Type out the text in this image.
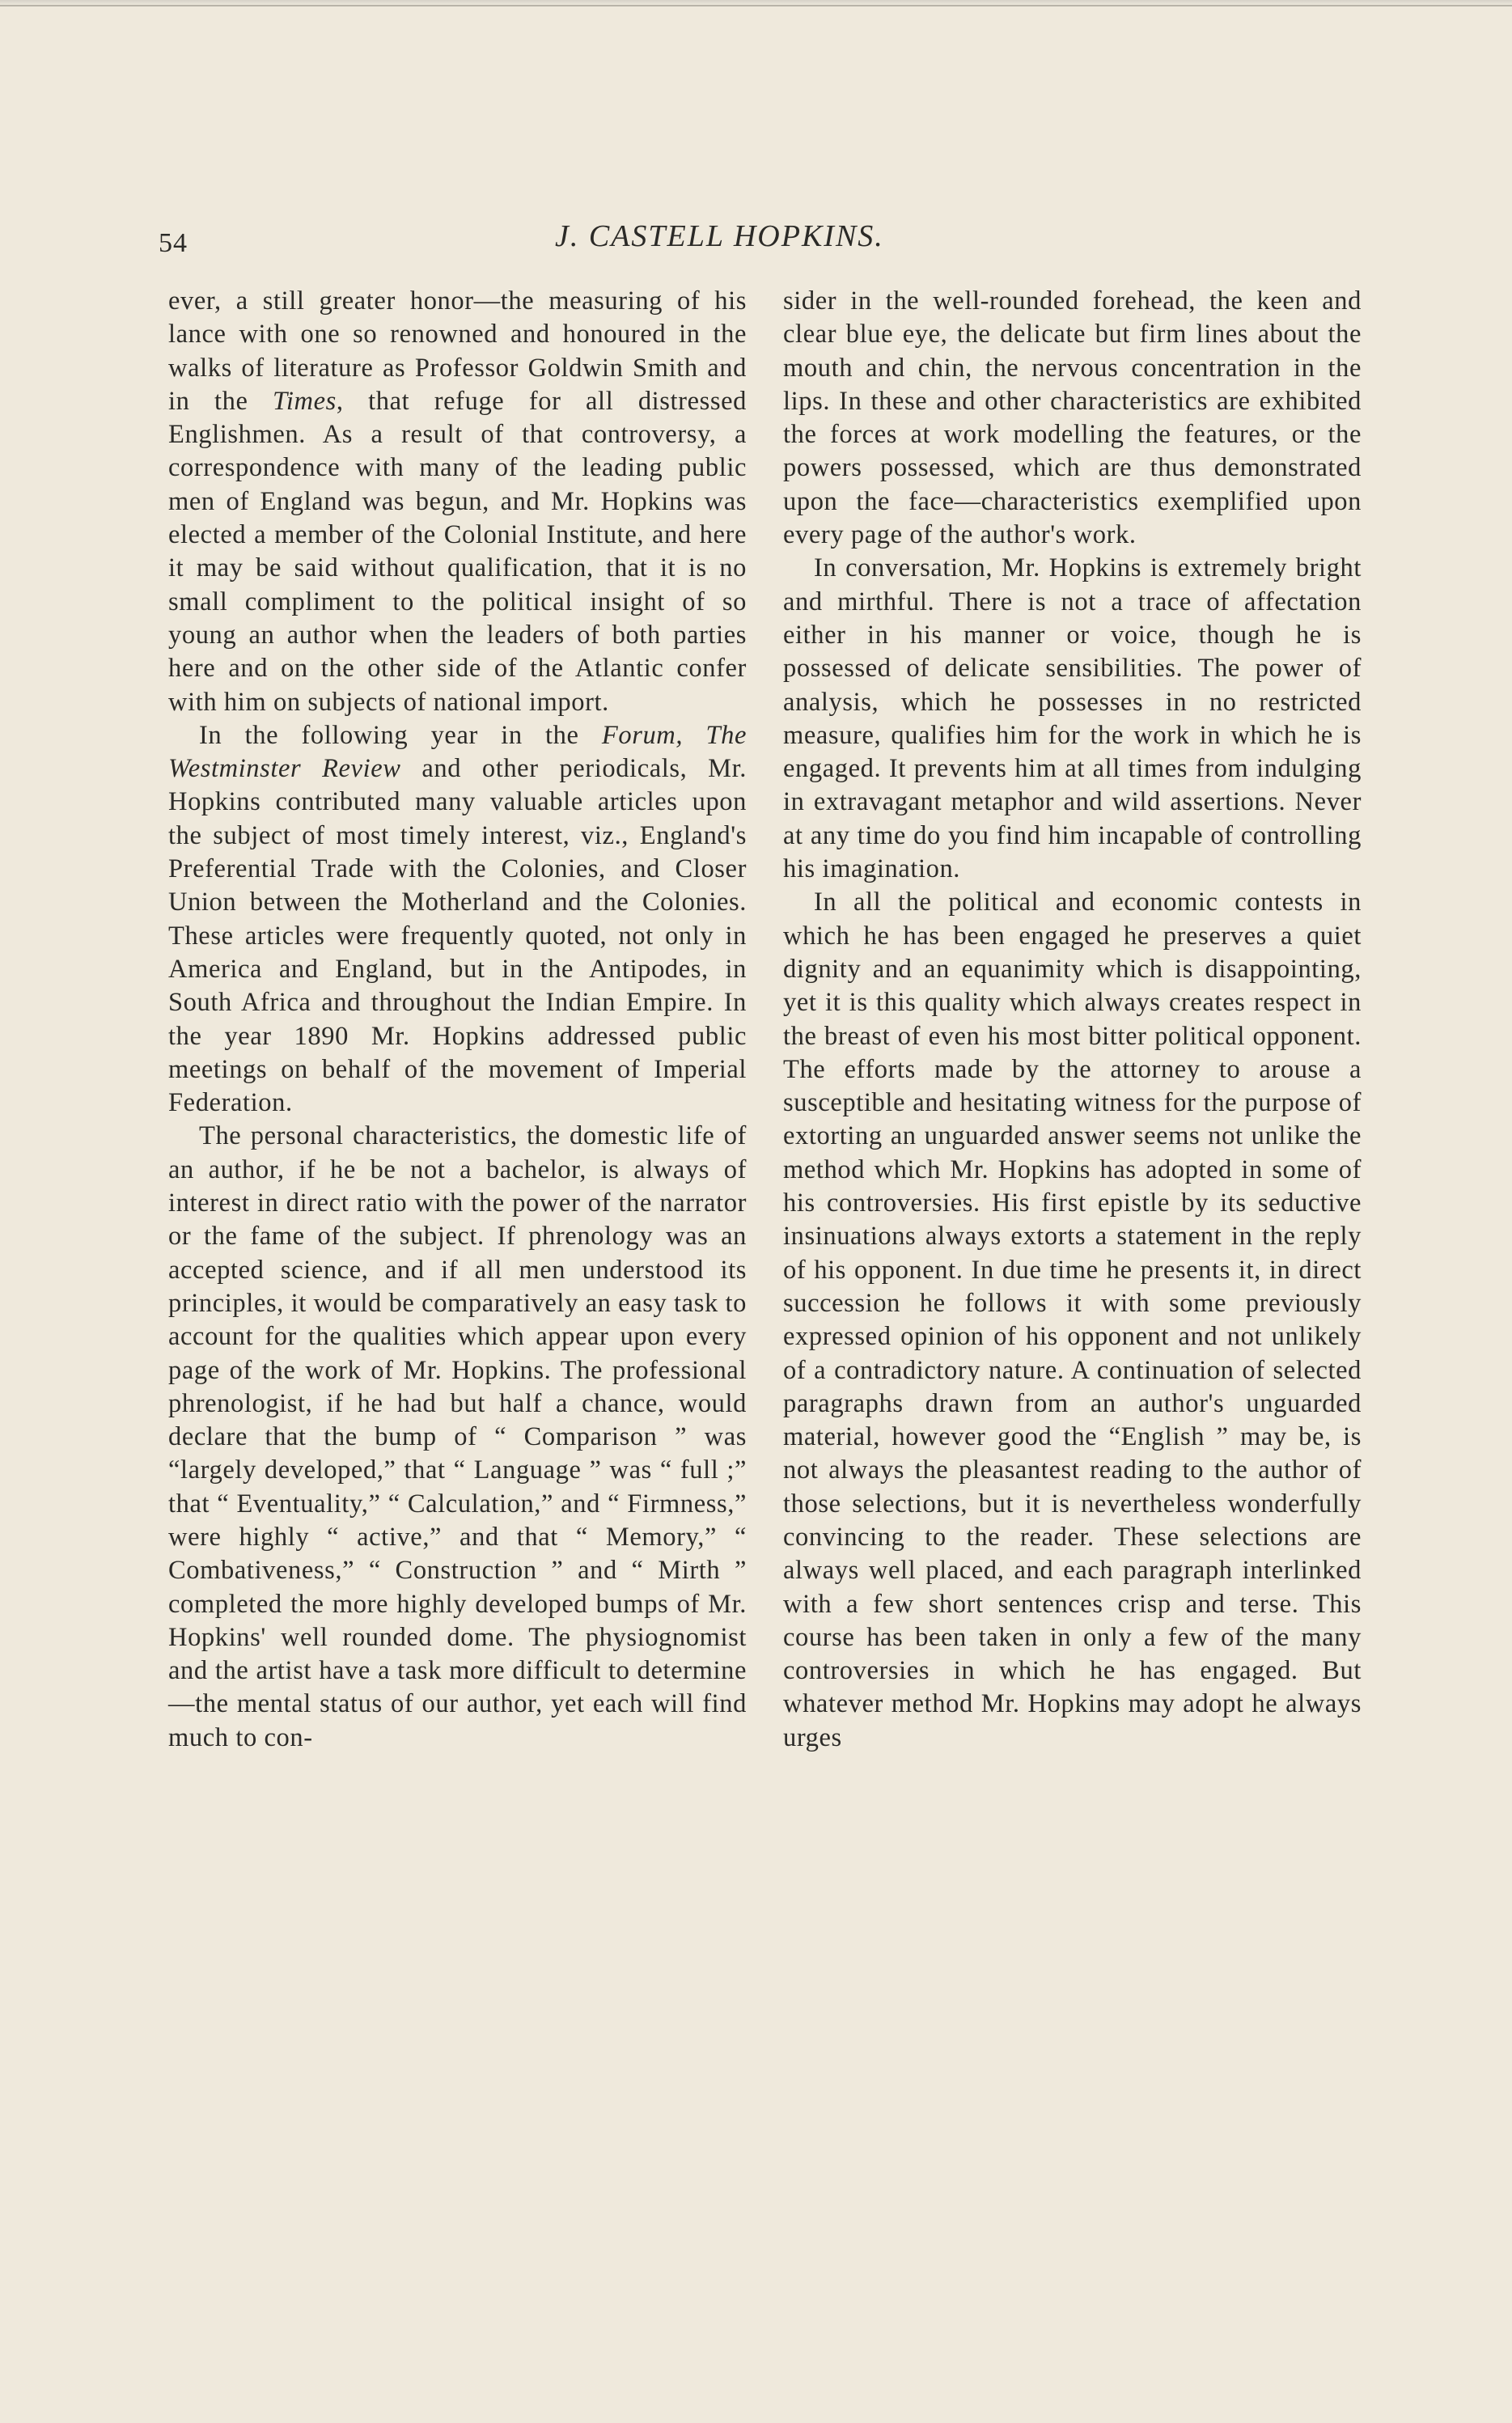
54	J. CASTELL HOPKINS.

ever, a still greater honor—the measuring of his lance with one so renowned and honoured in the walks of literature as Professor Goldwin Smith and in the Times, that refuge for all distressed Englishmen. As a result of that controversy, a correspondence with many of the leading public men of England was begun, and Mr. Hopkins was elected a member of the Colonial Institute, and here it may be said without qualification, that it is no small compliment to the political insight of so young an author when the leaders of both parties here and on the other side of the Atlantic confer with him on subjects of national import.

In the following year in the Forum, The Westminster Review and other periodicals, Mr. Hopkins contributed many valuable articles upon the subject of most timely interest, viz., England's Preferential Trade with the Colonies, and Closer Union between the Motherland and the Colonies. These articles were frequently quoted, not only in America and England, but in the Antipodes, in South Africa and throughout the Indian Empire. In the year 1890 Mr. Hopkins addressed public meetings on behalf of the movement of Imperial Federation.

The personal characteristics, the domestic life of an author, if he be not a bachelor, is always of interest in direct ratio with the power of the narrator or the fame of the subject. If phrenology was an accepted science, and if all men understood its principles, it would be comparatively an easy task to account for the qualities which appear upon every page of the work of Mr. Hopkins. The professional phrenologist, if he had but half a chance, would declare that the bump of “ Comparison ” was “largely developed,” that “ Language ” was “ full ;” that “ Eventuality,” “ Calculation,” and “ Firmness,” were highly “ active,” and that “ Memory,” “ Combativeness,” “ Construction ” and “ Mirth ” completed the more highly developed bumps of Mr. Hopkins' well rounded dome. The physiognomist and the artist have a task more difficult to determine—the mental status of our author, yet each will find much to con-

sider in the well-rounded forehead, the keen and clear blue eye, the delicate but firm lines about the mouth and chin, the nervous concentration in the lips. In these and other characteristics are exhibited the forces at work modelling the features, or the powers possessed, which are thus demonstrated upon the face—characteristics exemplified upon every page of the author's work.

In conversation, Mr. Hopkins is extremely bright and mirthful. There is not a trace of affectation either in his manner or voice, though he is possessed of delicate sensibilities. The power of analysis, which he possesses in no restricted measure, qualifies him for the work in which he is engaged. It prevents him at all times from indulging in extravagant metaphor and wild assertions. Never at any time do you find him incapable of controlling his imagination.

In all the political and economic contests in which he has been engaged he preserves a quiet dignity and an equanimity which is disappointing, yet it is this quality which always creates respect in the breast of even his most bitter political opponent. The efforts made by the attorney to arouse a susceptible and hesitating witness for the purpose of extorting an unguarded answer seems not unlike the method which Mr. Hopkins has adopted in some of his controversies. His first epistle by its seductive insinuations always extorts a statement in the reply of his opponent. In due time he presents it, in direct succession he follows it with some previously expressed opinion of his opponent and not unlikely of a contradictory nature. A continuation of selected paragraphs drawn from an author's unguarded material, however good the “English ” may be, is not always the pleasantest reading to the author of those selections, but it is nevertheless wonderfully convincing to the reader. These selections are always well placed, and each paragraph interlinked with a few short sentences crisp and terse. This course has been taken in only a few of the many controversies in which he has engaged. But whatever method Mr. Hopkins may adopt he always urges
